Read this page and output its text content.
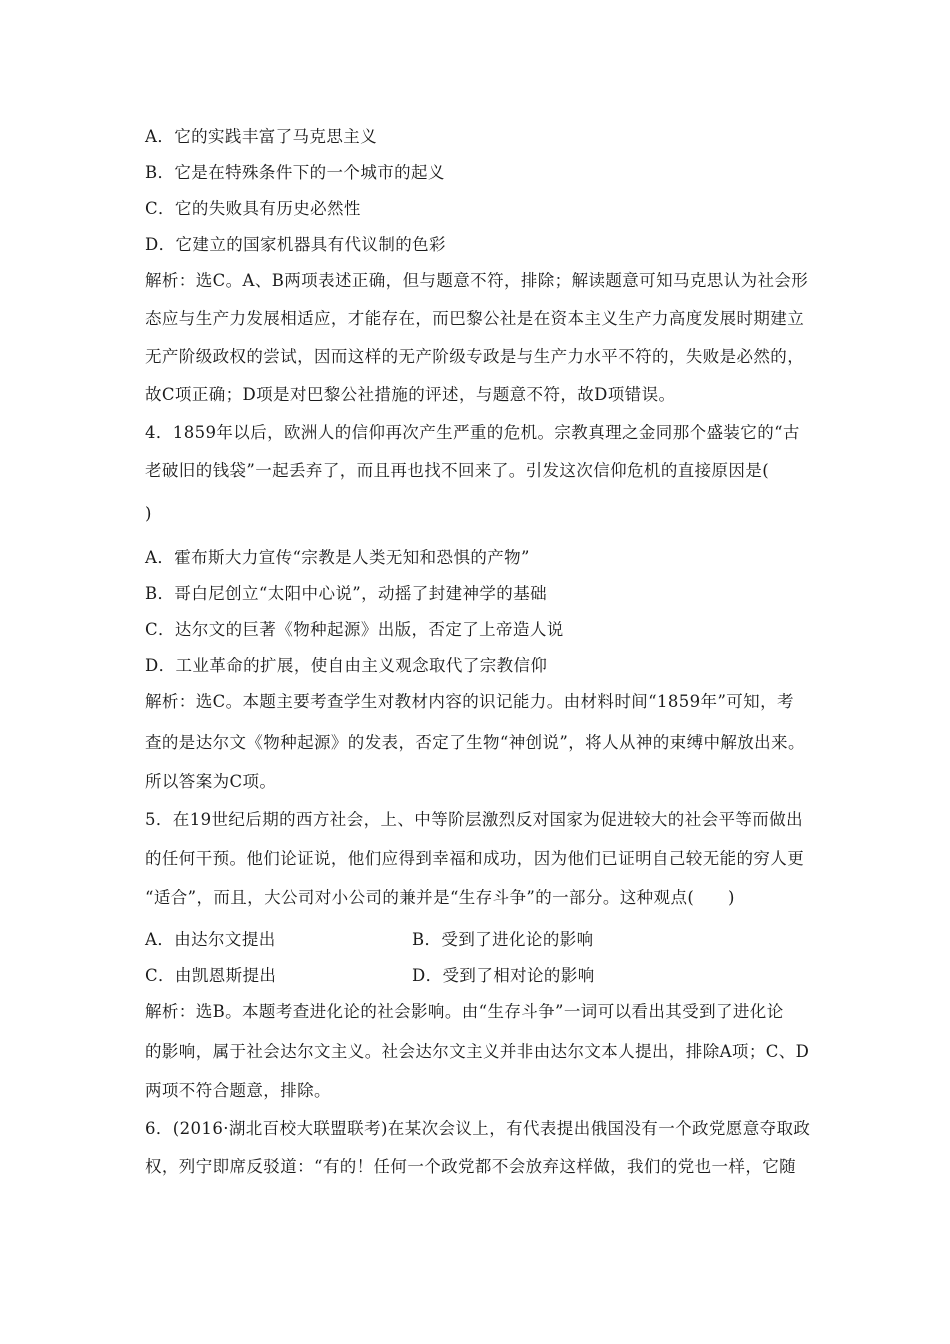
A．它的实践丰富了马克思主义
B．它是在特殊条件下的一个城市的起义
C．它的失败具有历史必然性
D．它建立的国家机器具有代议制的色彩
解析：选C。A、B两项表述正确，但与题意不符，排除；解读题意可知马克思认为社会形
态应与生产力发展相适应，才能存在，而巴黎公社是在资本主义生产力高度发展时期建立
无产阶级政权的尝试，因而这样的无产阶级专政是与生产力水平不符的，失败是必然的，
故C项正确；D项是对巴黎公社措施的评述，与题意不符，故D项错误。
4．1859年以后，欧洲人的信仰再次产生严重的危机。宗教真理之金同那个盛装它的“古
老破旧的钱袋”一起丢弃了，而且再也找不回来了。引发这次信仰危机的直接原因是(
)
A．霍布斯大力宣传“宗教是人类无知和恐惧的产物”
B．哥白尼创立“太阳中心说”，动摇了封建神学的基础
C．达尔文的巨著《物种起源》出版，否定了上帝造人说
D．工业革命的扩展，使自由主义观念取代了宗教信仰
解析：选C。本题主要考查学生对教材内容的识记能力。由材料时间“1859年”可知，考
查的是达尔文《物种起源》的发表，否定了生物“神创说”，将人从神的束缚中解放出来。
所以答案为C项。
5．在19世纪后期的西方社会，上、中等阶层激烈反对国家为促进较大的社会平等而做出
的任何干预。他们论证说，他们应得到幸福和成功，因为他们已证明自己较无能的穷人更
“适合”，而且，大公司对小公司的兼并是“生存斗争”的一部分。这种观点(　　)
A．由达尔文提出	B．受到了进化论的影响
C．由凯恩斯提出	D．受到了相对论的影响
解析：选B。本题考查进化论的社会影响。由“生存斗争”一词可以看出其受到了进化论
的影响，属于社会达尔文主义。社会达尔文主义并非由达尔文本人提出，排除A项；C、D
两项不符合题意，排除。
6．(2016·湖北百校大联盟联考)在某次会议上，有代表提出俄国没有一个政党愿意夺取政
权，列宁即席反驳道：“有的！任何一个政党都不会放弃这样做，我们的党也一样，它随
